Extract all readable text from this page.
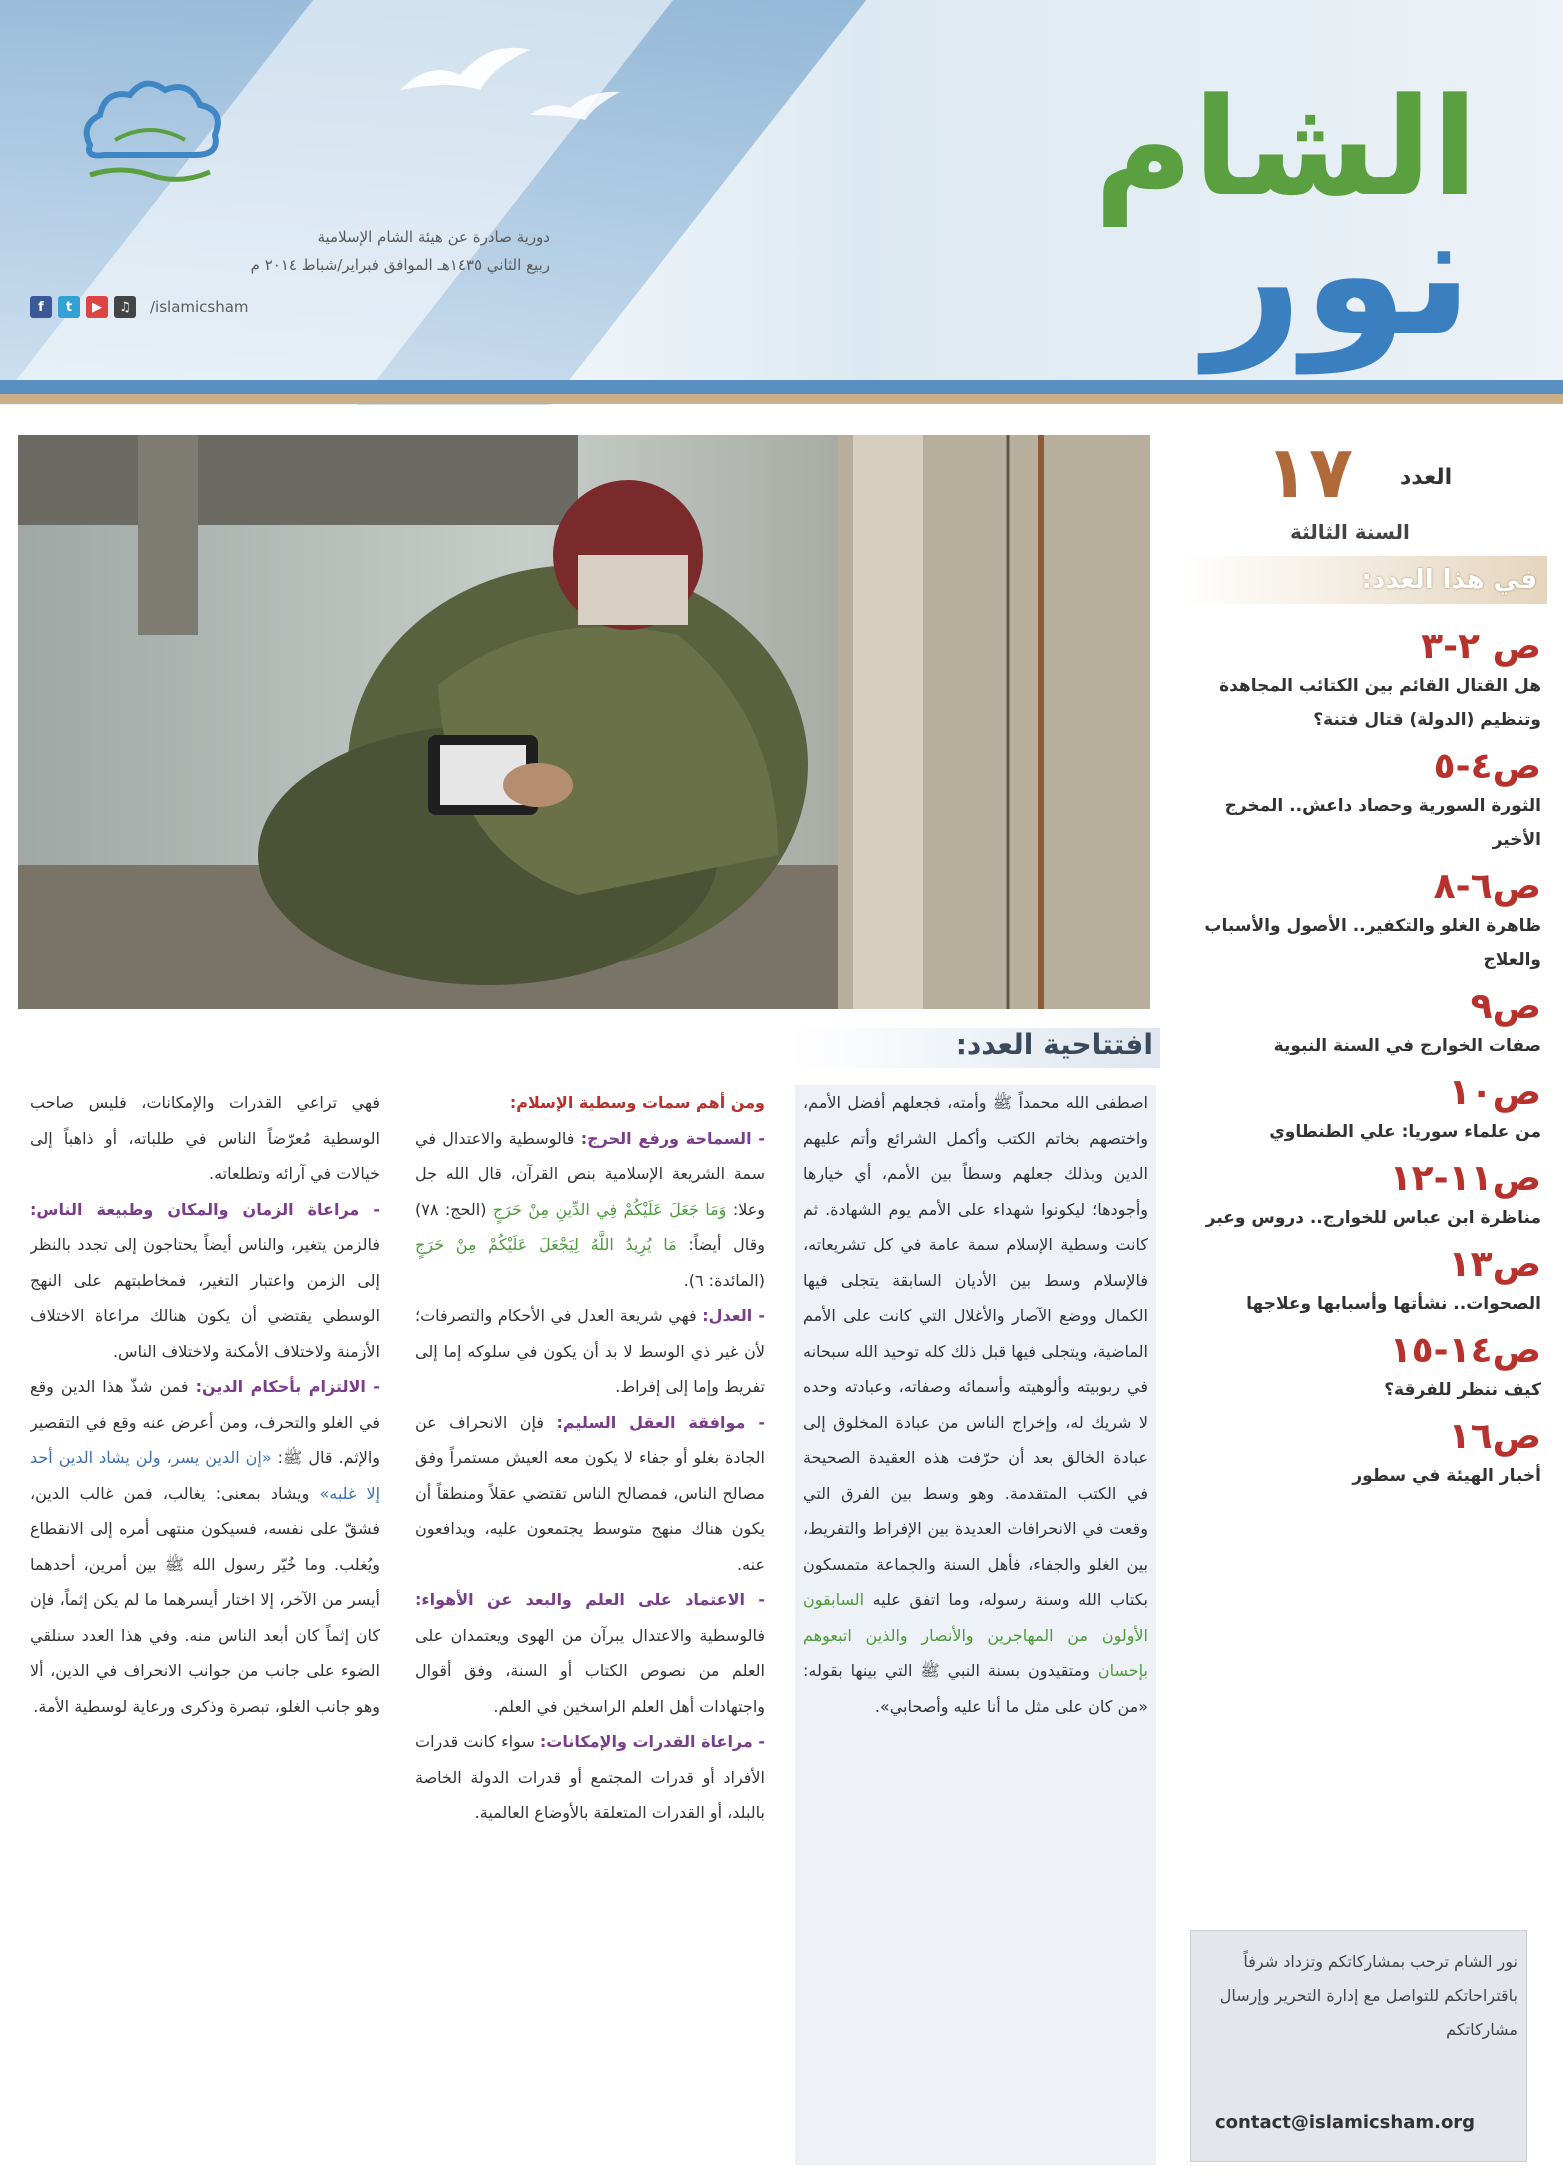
الشام
نور
دورية صادرة عن هيئة الشام الإسلامية
ربيع الثاني ١٤٣٥هـ الموافق فبراير/شباط ٢٠١٤ م
f	t	▶	♫	/islamicsham
١٧ العدد
السنة الثالثة
في هذا العدد:
ص ٢-٣
هل القتال القائم بين الكتائب المجاهدة وتنظيم (الدولة) قتال فتنة؟
ص٤-٥
الثورة السورية وحصاد داعش.. المخرج الأخير
ص٦-٨
ظاهرة الغلو والتكفير.. الأصول والأسباب والعلاج
ص٩
صفات الخوارج في السنة النبوية
ص١٠
من علماء سوريا: علي الطنطاوي
ص١١-١٢
مناظرة ابن عباس للخوارج.. دروس وعبر
ص١٣
الصحوات.. نشأتها وأسبابها وعلاجها
ص١٤-١٥
كيف ننظر للفرقة؟
ص١٦
أخبار الهيئة في سطور
نور الشام ترحب بمشاركاتكم وتزداد شرفاً باقتراحاتكم للتواصل مع إدارة التحرير وإرسال مشاركاتكم
contact@islamicsham.org
افتتاحية العدد:
اصطفى الله محمداً ﷺ وأمته، فجعلهم أفضل الأمم، واختصهم بخاتم الكتب وأكمل الشرائع وأتم عليهم الدين وبذلك جعلهم وسطاً بين الأمم، أي خيارها وأجودها؛ ليكونوا شهداء على الأمم يوم الشهادة. ثم كانت وسطية الإسلام سمة عامة في كل تشريعاته، فالإسلام وسط بين الأديان السابقة يتجلى فيها الكمال ووضع الآصار والأغلال التي كانت على الأمم الماضية، ويتجلى فيها قبل ذلك كله توحيد الله سبحانه في ربوبيته وألوهيته وأسمائه وصفاته، وعبادته وحده لا شريك له، وإخراج الناس من عبادة المخلوق إلى عبادة الخالق بعد أن حرّفت هذه العقيدة الصحيحة في الكتب المتقدمة. وهو وسط بين الفرق التي وقعت في الانحرافات العديدة بين الإفراط والتفريط، بين الغلو والجفاء، فأهل السنة والجماعة متمسكون بكتاب الله وسنة رسوله، وما اتفق عليه السابقون الأولون من المهاجرين والأنصار والذين اتبعوهم بإحسان ومتقيدون بسنة النبي ﷺ التي بينها بقوله: «من كان على مثل ما أنا عليه وأصحابي».
ومن أهم سمات وسطية الإسلام:
- السماحة ورفع الحرج: فالوسطية والاعتدال في سمة الشريعة الإسلامية بنص القرآن، قال الله جل وعلا: وَمَا جَعَلَ عَلَيْكُمْ فِي الدِّينِ مِنْ حَرَجٍ (الحج: ٧٨) وقال أيضاً: مَا يُرِيدُ اللَّهُ لِيَجْعَلَ عَلَيْكُمْ مِنْ حَرَجٍ (المائدة: ٦).
- العدل: فهي شريعة العدل في الأحكام والتصرفات؛ لأن غير ذي الوسط لا بد أن يكون في سلوكه إما إلى تفريط وإما إلى إفراط.
- موافقة العقل السليم: فإن الانحراف عن الجادة بغلو أو جفاء لا يكون معه العيش مستمراً وفق مصالح الناس، فمصالح الناس تقتضي عقلاً ومنطقاً أن يكون هناك منهج متوسط يجتمعون عليه، ويدافعون عنه.
- الاعتماد على العلم والبعد عن الأهواء: فالوسطية والاعتدال يبرآن من الهوى ويعتمدان على العلم من نصوص الكتاب أو السنة، وفق أقوال واجتهادات أهل العلم الراسخين في العلم.
- مراعاة القدرات والإمكانات: سواء كانت قدرات الأفراد أو قدرات المجتمع أو قدرات الدولة الخاصة بالبلد، أو القدرات المتعلقة بالأوضاع العالمية.
فهي تراعي القدرات والإمكانات، فليس صاحب الوسطية مُعرّضاً الناس في طلباته، أو ذاهباً إلى خيالات في آرائه وتطلعاته.
- مراعاة الزمان والمكان وطبيعة الناس: فالزمن يتغير، والناس أيضاً يحتاجون إلى تجدد بالنظر إلى الزمن واعتبار التغير، فمخاطبتهم على النهج الوسطي يقتضي أن يكون هنالك مراعاة الاختلاف الأزمنة ولاختلاف الأمكنة ولاختلاف الناس.
- الالتزام بأحكام الدين: فمن شذّ هذا الدين وقع في الغلو والتحرف، ومن أعرض عنه وقع في التقصير والإثم. قال ﷺ: «إن الدين يسر، ولن يشاد الدين أحد إلا غلبه» ويشاد بمعنى: يغالب، فمن غالب الدين، فشقّ على نفسه، فسيكون منتهى أمره إلى الانقطاع ويُغلب. وما خُيّر رسول الله ﷺ بين أمرين، أحدهما أيسر من الآخر، إلا اختار أيسرهما ما لم يكن إثماً، فإن كان إثماً كان أبعد الناس منه. وفي هذا العدد سنلقي الضوء على جانب من جوانب الانحراف في الدين، ألا وهو جانب الغلو، تبصرة وذكرى ورعاية لوسطية الأمة.
